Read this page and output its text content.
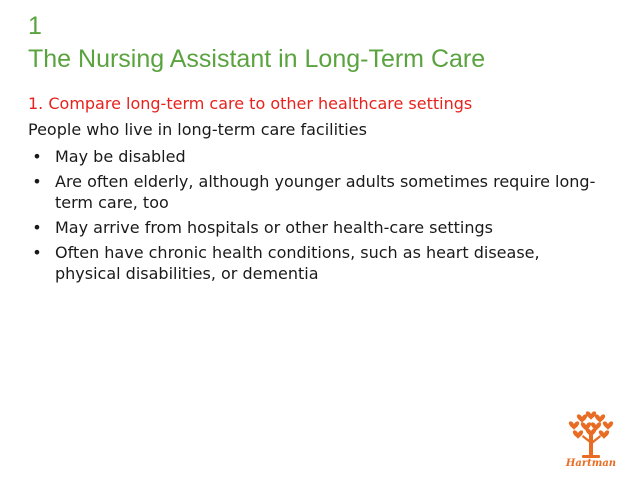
1
The Nursing Assistant in Long-Term Care
1. Compare long-term care to other healthcare settings
People who live in long-term care facilities
• May be disabled
• Are often elderly, although younger adults sometimes require long-term care, too
• May arrive from hospitals or other health-care settings
• Often have chronic health conditions, such as heart disease, physical disabilities, or dementia
Hartman
